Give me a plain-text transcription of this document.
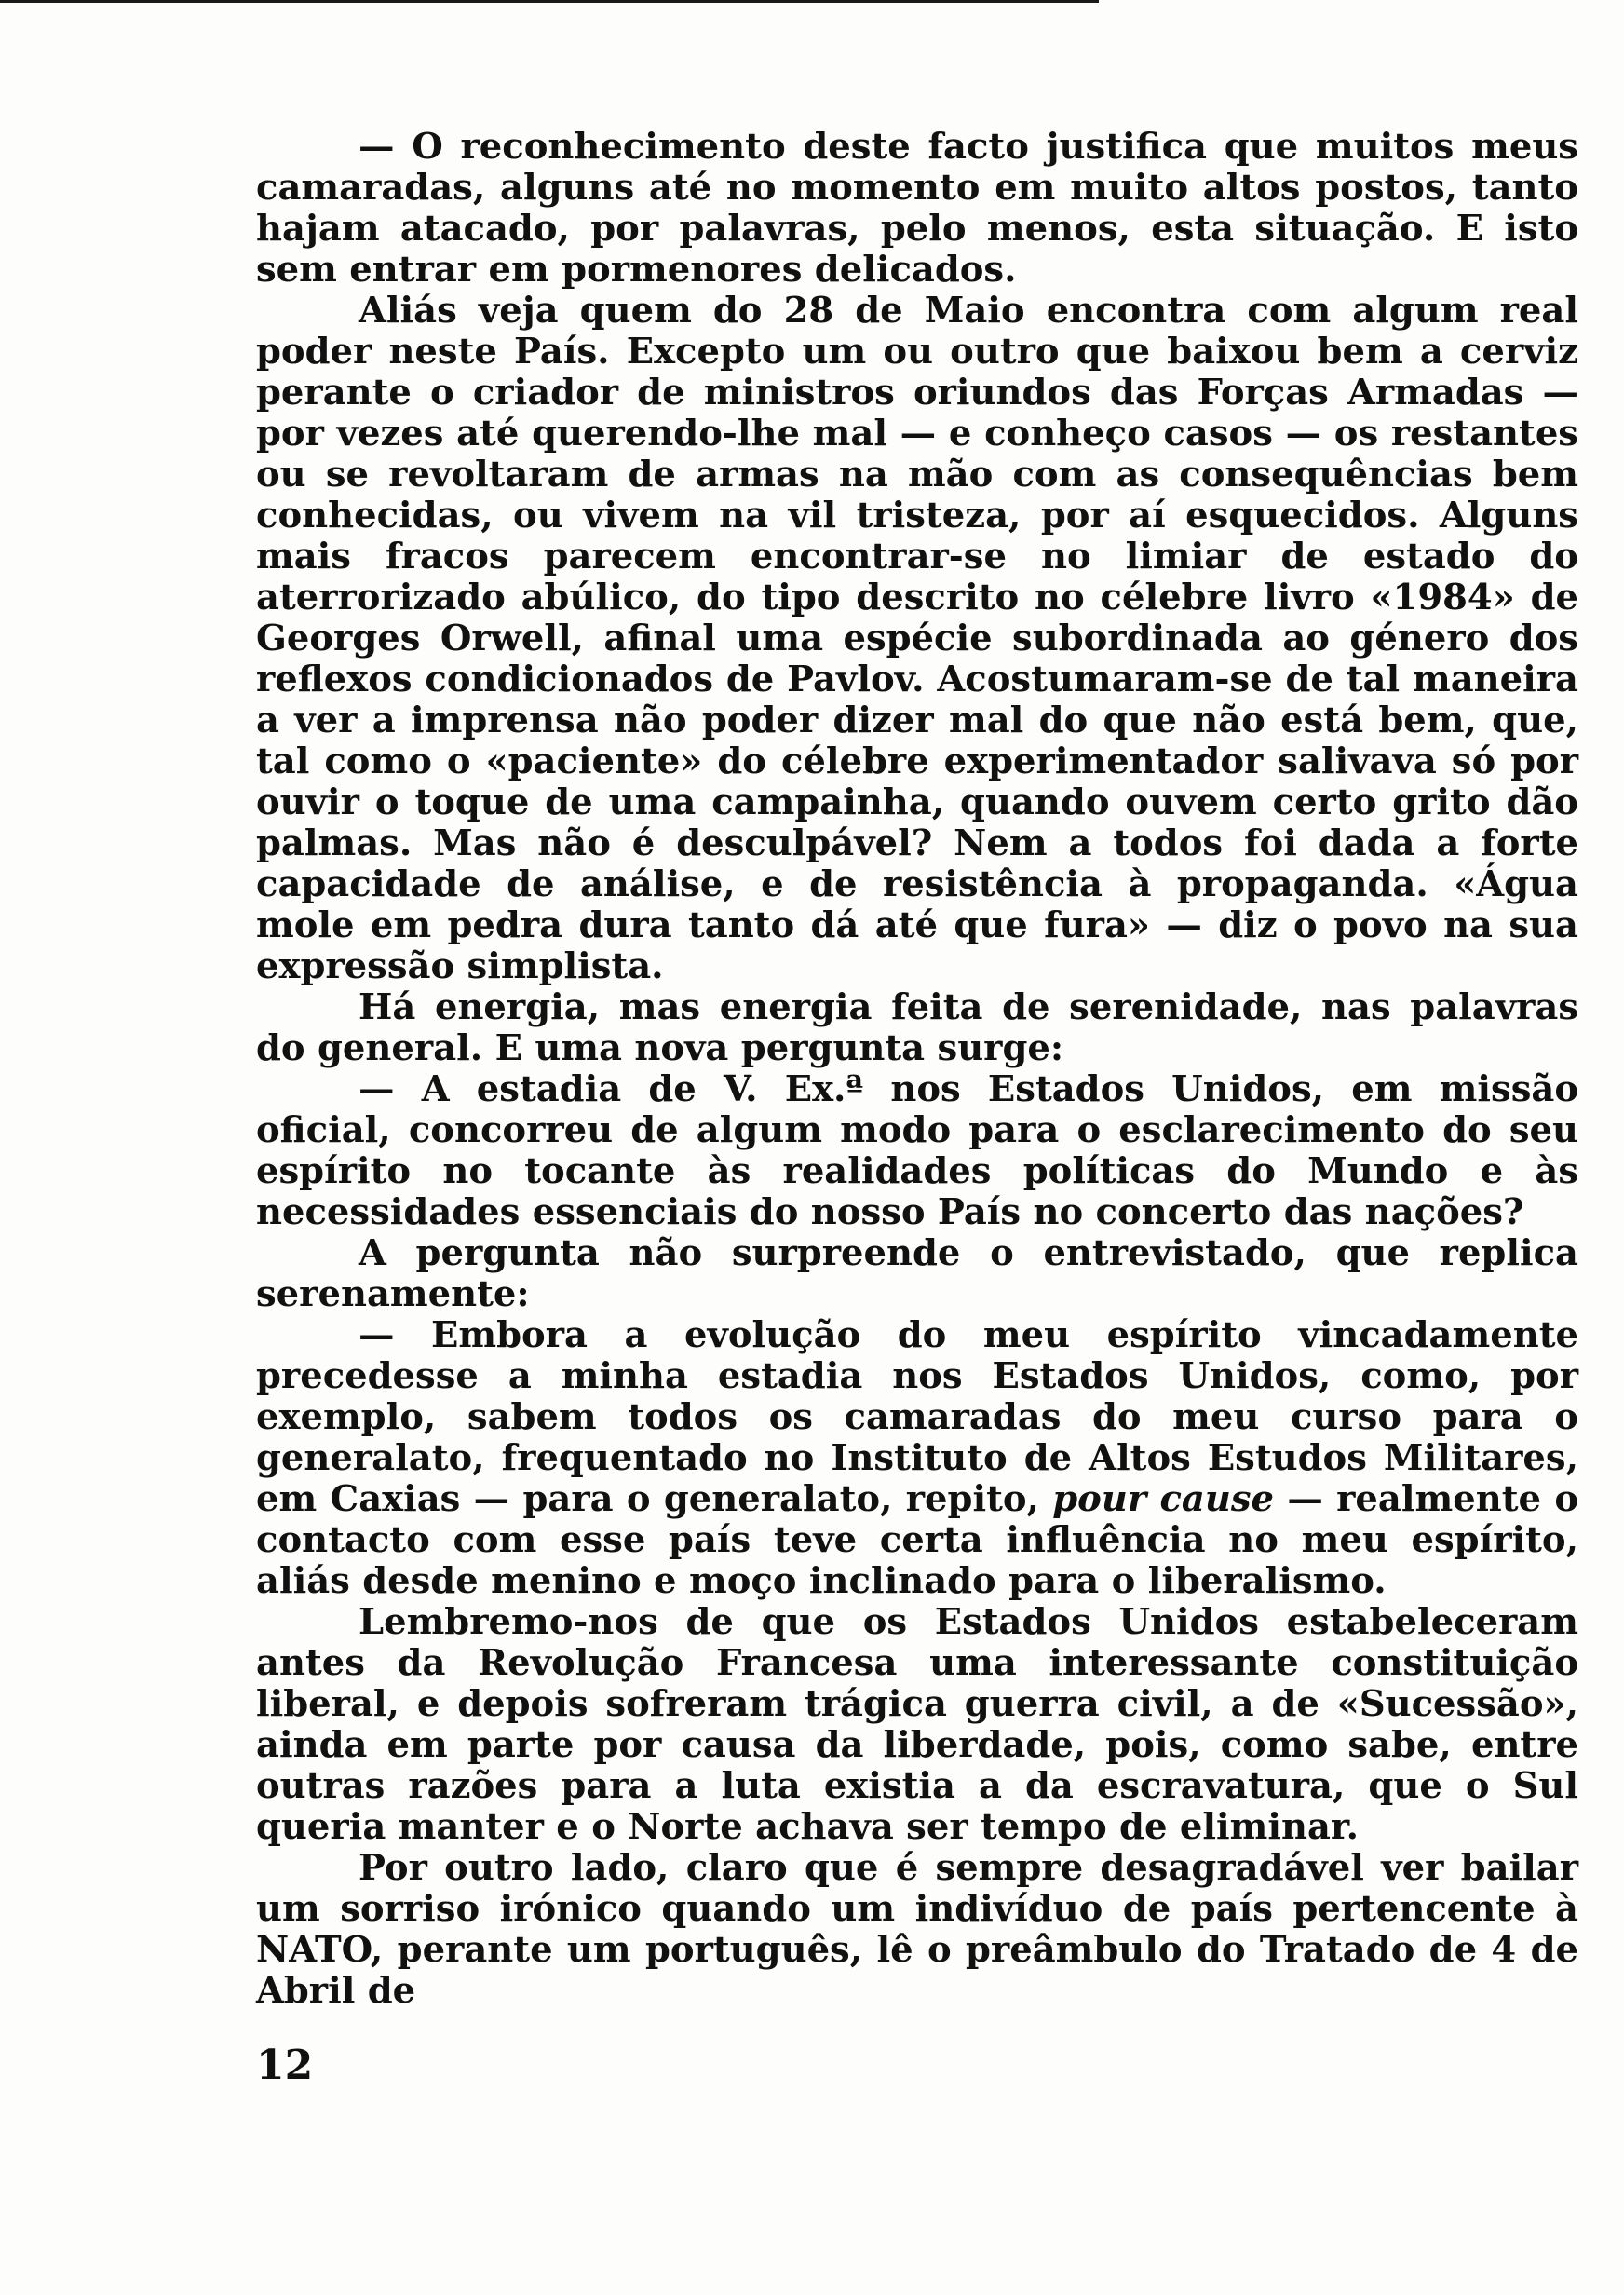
— O reconhecimento deste facto justifica que muitos meus camaradas, alguns até no momento em muito altos postos, tanto hajam atacado, por palavras, pelo menos, esta situação. E isto sem entrar em pormenores delicados.

Aliás veja quem do 28 de Maio encontra com algum real poder neste País. Excepto um ou outro que baixou bem a cerviz perante o criador de ministros oriundos das Forças Armadas — por vezes até querendo-lhe mal — e conheço casos — os restantes ou se revoltaram de armas na mão com as consequências bem conhecidas, ou vivem na vil tristeza, por aí esquecidos. Alguns mais fracos parecem encontrar-se no limiar de estado do aterrorizado abúlico, do tipo descrito no célebre livro «1984» de Georges Orwell, afinal uma espécie subordinada ao género dos reflexos condicionados de Pavlov. Acostumaram-se de tal maneira a ver a imprensa não poder dizer mal do que não está bem, que, tal como o «paciente» do célebre experimentador salivava só por ouvir o toque de uma campainha, quando ouvem certo grito dão palmas. Mas não é desculpável? Nem a todos foi dada a forte capacidade de análise, e de resistência à propaganda. «Água mole em pedra dura tanto dá até que fura» — diz o povo na sua expressão simplista.

Há energia, mas energia feita de serenidade, nas palavras do general. E uma nova pergunta surge:

— A estadia de V. Ex.ª nos Estados Unidos, em missão oficial, concorreu de algum modo para o esclarecimento do seu espírito no tocante às realidades políticas do Mundo e às necessidades essenciais do nosso País no concerto das nações?

A pergunta não surpreende o entrevistado, que replica serenamente:

— Embora a evolução do meu espírito vincadamente precedesse a minha estadia nos Estados Unidos, como, por exemplo, sabem todos os camaradas do meu curso para o generalato, frequentado no Instituto de Altos Estudos Militares, em Caxias — para o generalato, repito, pour cause — realmente o contacto com esse país teve certa influência no meu espírito, aliás desde menino e moço inclinado para o liberalismo.

Lembremo-nos de que os Estados Unidos estabeleceram antes da Revolução Francesa uma interessante constituição liberal, e depois sofreram trágica guerra civil, a de «Sucessão», ainda em parte por causa da liberdade, pois, como sabe, entre outras razões para a luta existia a da escravatura, que o Sul queria manter e o Norte achava ser tempo de eliminar.

Por outro lado, claro que é sempre desagradável ver bailar um sorriso irónico quando um indivíduo de país pertencente à NATO, perante um português, lê o preâmbulo do Tratado de 4 de Abril de

12
